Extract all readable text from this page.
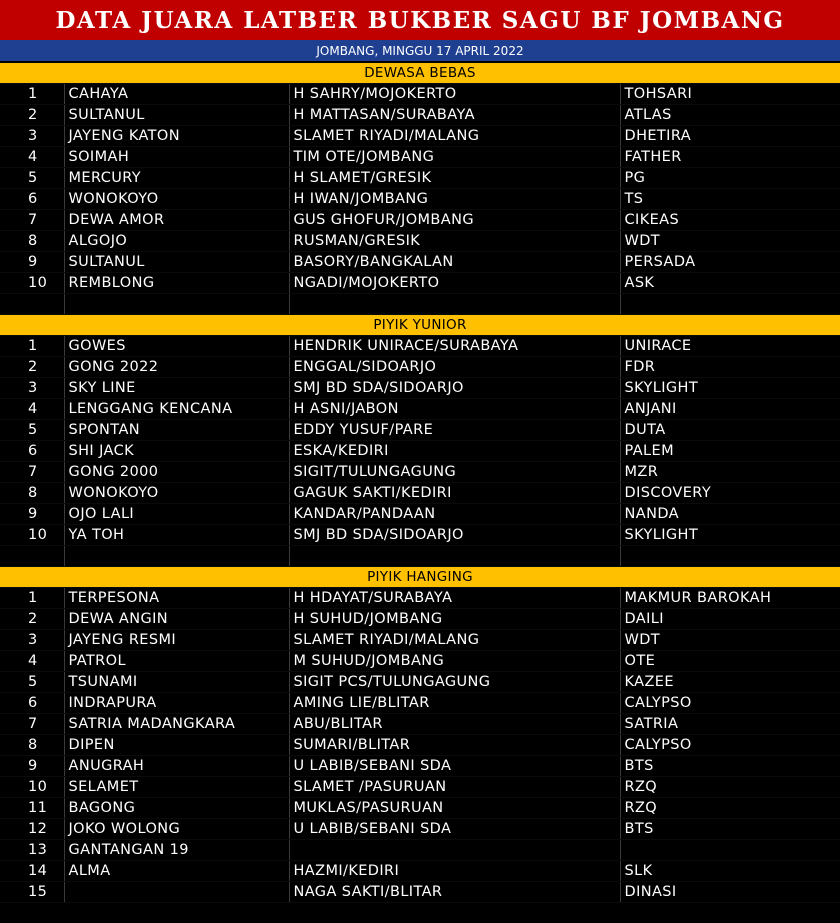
DATA JUARA LATBER BUKBER SAGU BF JOMBANG
JOMBANG, MINGGU 17 APRIL 2022
DEWASA BEBAS			
1	CAHAYA	H SAHRY/MOJOKERTO	TOHSARI
2	SULTANUL	H MATTASAN/SURABAYA	ATLAS
3	JAYENG KATON	SLAMET RIYADI/MALANG	DHETIRA
4	SOIMAH	TIM OTE/JOMBANG	FATHER
5	MERCURY	H SLAMET/GRESIK	PG
6	WONOKOYO	H IWAN/JOMBANG	TS
7	DEWA AMOR	GUS GHOFUR/JOMBANG	CIKEAS
8	ALGOJO	RUSMAN/GRESIK	WDT
9	SULTANUL	BASORY/BANGKALAN	PERSADA
10	REMBLONG	NGADI/MOJOKERTO	ASK

PIYIK YUNIOR			
1	GOWES	HENDRIK UNIRACE/SURABAYA	UNIRACE
2	GONG 2022	ENGGAL/SIDOARJO	FDR
3	SKY LINE	SMJ BD SDA/SIDOARJO	SKYLIGHT
4	LENGGANG KENCANA	H ASNI/JABON	ANJANI
5	SPONTAN	EDDY YUSUF/PARE	DUTA
6	SHI JACK	ESKA/KEDIRI	PALEM
7	GONG 2000	SIGIT/TULUNGAGUNG	MZR
8	WONOKOYO	GAGUK SAKTI/KEDIRI	DISCOVERY
9	OJO LALI	KANDAR/PANDAAN	NANDA
10	YA TOH	SMJ BD SDA/SIDOARJO	SKYLIGHT

PIYIK HANGING			
1	TERPESONA	H HDAYAT/SURABAYA	MAKMUR BAROKAH
2	DEWA ANGIN	H SUHUD/JOMBANG	DAILI
3	JAYENG RESMI	SLAMET RIYADI/MALANG	WDT
4	PATROL	M SUHUD/JOMBANG	OTE
5	TSUNAMI	SIGIT PCS/TULUNGAGUNG	KAZEE
6	INDRAPURA	AMING LIE/BLITAR	CALYPSO
7	SATRIA MADANGKARA	ABU/BLITAR	SATRIA
8	DIPEN	SUMARI/BLITAR	CALYPSO
9	ANUGRAH	U LABIB/SEBANI SDA	BTS
10	SELAMET	SLAMET /PASURUAN	RZQ
11	BAGONG	MUKLAS/PASURUAN	RZQ
12	JOKO WOLONG	U LABIB/SEBANI SDA	BTS
13	GANTANGAN 19		
14	ALMA	HAZMI/KEDIRI	SLK
15		NAGA SAKTI/BLITAR	DINASI
